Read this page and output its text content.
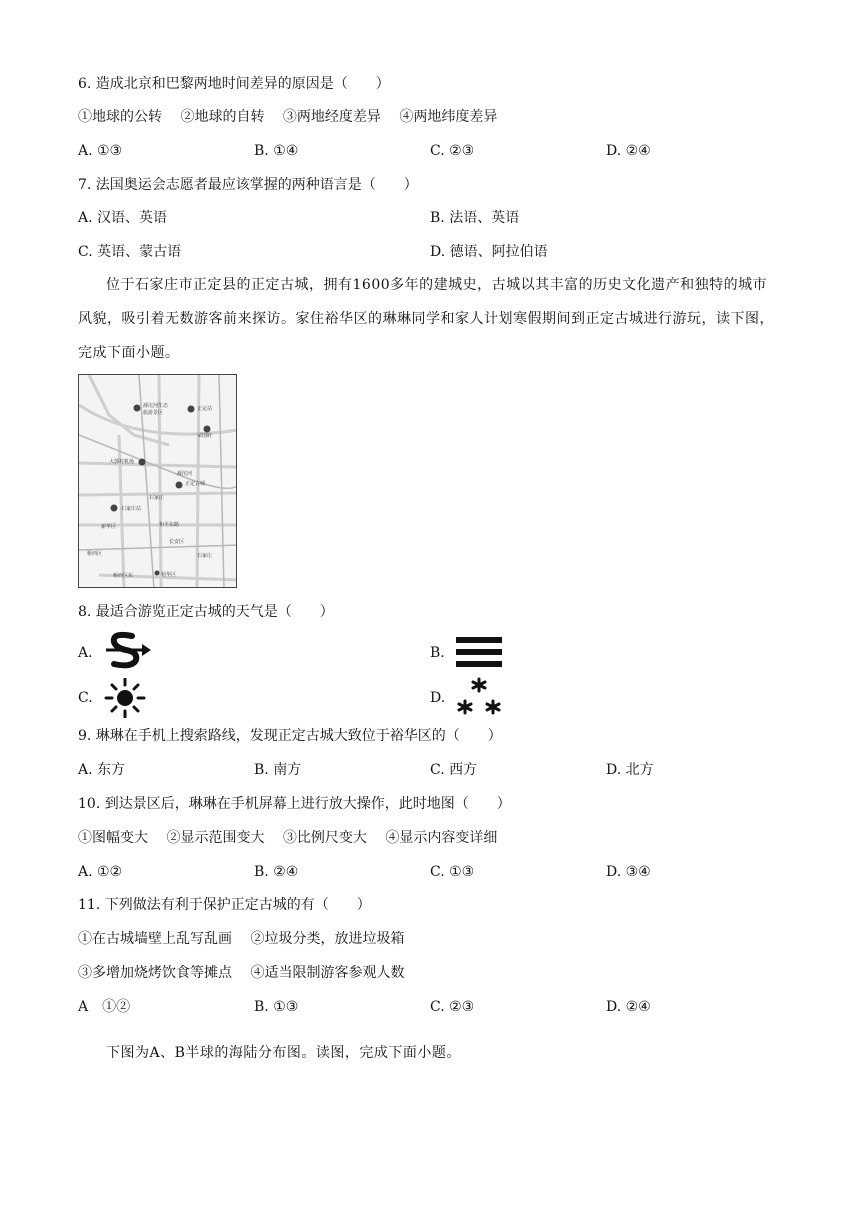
6. 造成北京和巴黎两地时间差异的原因是（　　）
①地球的公转　 ②地球的自转　 ③两地经度差异　 ④两地纬度差异
A. ①③	B. ①④	C. ②③	D. ②④
7. 法国奥运会志愿者最应该掌握的两种语言是（　　）
A. 汉语、英语	B. 法语、英语
C. 英语、蒙古语	D. 德语、阿拉伯语
位于石家庄市正定县的正定古城，拥有1600多年的建城史，古城以其丰富的历史文化遗产和独特的城市风貌，吸引着无数游客前来探访。家住裕华区的琳琳同学和家人计划寒假期间到正定古城进行游玩，读下图，完成下面小题。
滹沱河生态
旅游景区
正定站
荣国府
大郭村机场
滹沱河
正定古城
石家庄
石家庄站
新华区	和平东路
长安区
桥西区
裕华区
石家庄
桥西区东
8. 最适合游览正定古城的天气是（　　）
A.	B.
C.	D.
9. 琳琳在手机上搜索路线，发现正定古城大致位于裕华区的（　　）
A. 东方	B. 南方	C. 西方	D. 北方
10. 到达景区后，琳琳在手机屏幕上进行放大操作，此时地图（　　）
①图幅变大　 ②显示范围变大　 ③比例尺变大　 ④显示内容变详细
A. ①②	B. ②④	C. ①③	D. ③④
11. 下列做法有利于保护正定古城的有（　　）
①在古城墙壁上乱写乱画　 ②垃圾分类，放进垃圾箱
③多增加烧烤饮食等摊点　 ④适当限制游客参观人数
A　①②	B. ①③	C. ②③	D. ②④
下图为A、B半球的海陆分布图。读图，完成下面小题。
